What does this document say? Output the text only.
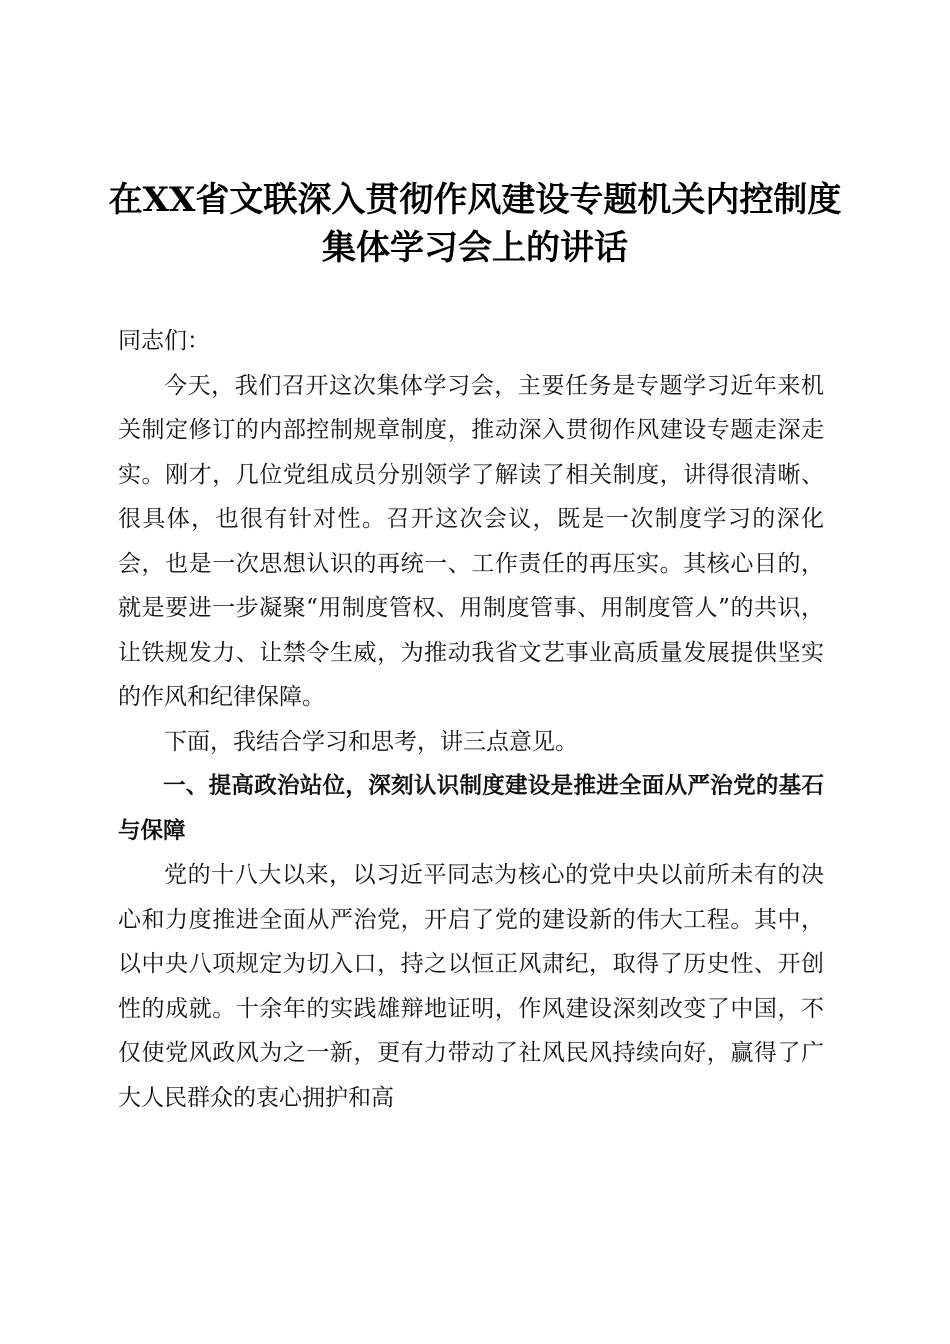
在XX省文联深入贯彻作风建设专题机关内控制度集体学习会上的讲话

同志们：

今天，我们召开这次集体学习会，主要任务是专题学习近年来机关制定修订的内部控制规章制度，推动深入贯彻作风建设专题走深走实。刚才，几位党组成员分别领学了解读了相关制度，讲得很清晰、很具体，也很有针对性。召开这次会议，既是一次制度学习的深化会，也是一次思想认识的再统一、工作责任的再压实。其核心目的，就是要进一步凝聚“用制度管权、用制度管事、用制度管人”的共识，让铁规发力、让禁令生威，为推动我省文艺事业高质量发展提供坚实的作风和纪律保障。

下面，我结合学习和思考，讲三点意见。

一、提高政治站位，深刻认识制度建设是推进全面从严治党的基石与保障

党的十八大以来，以习近平同志为核心的党中央以前所未有的决心和力度推进全面从严治党，开启了党的建设新的伟大工程。其中，以中央八项规定为切入口，持之以恒正风肃纪，取得了历史性、开创性的成就。十余年的实践雄辩地证明，作风建设深刻改变了中国，不仅使党风政风为之一新，更有力带动了社风民风持续向好，赢得了广大人民群众的衷心拥护和高
